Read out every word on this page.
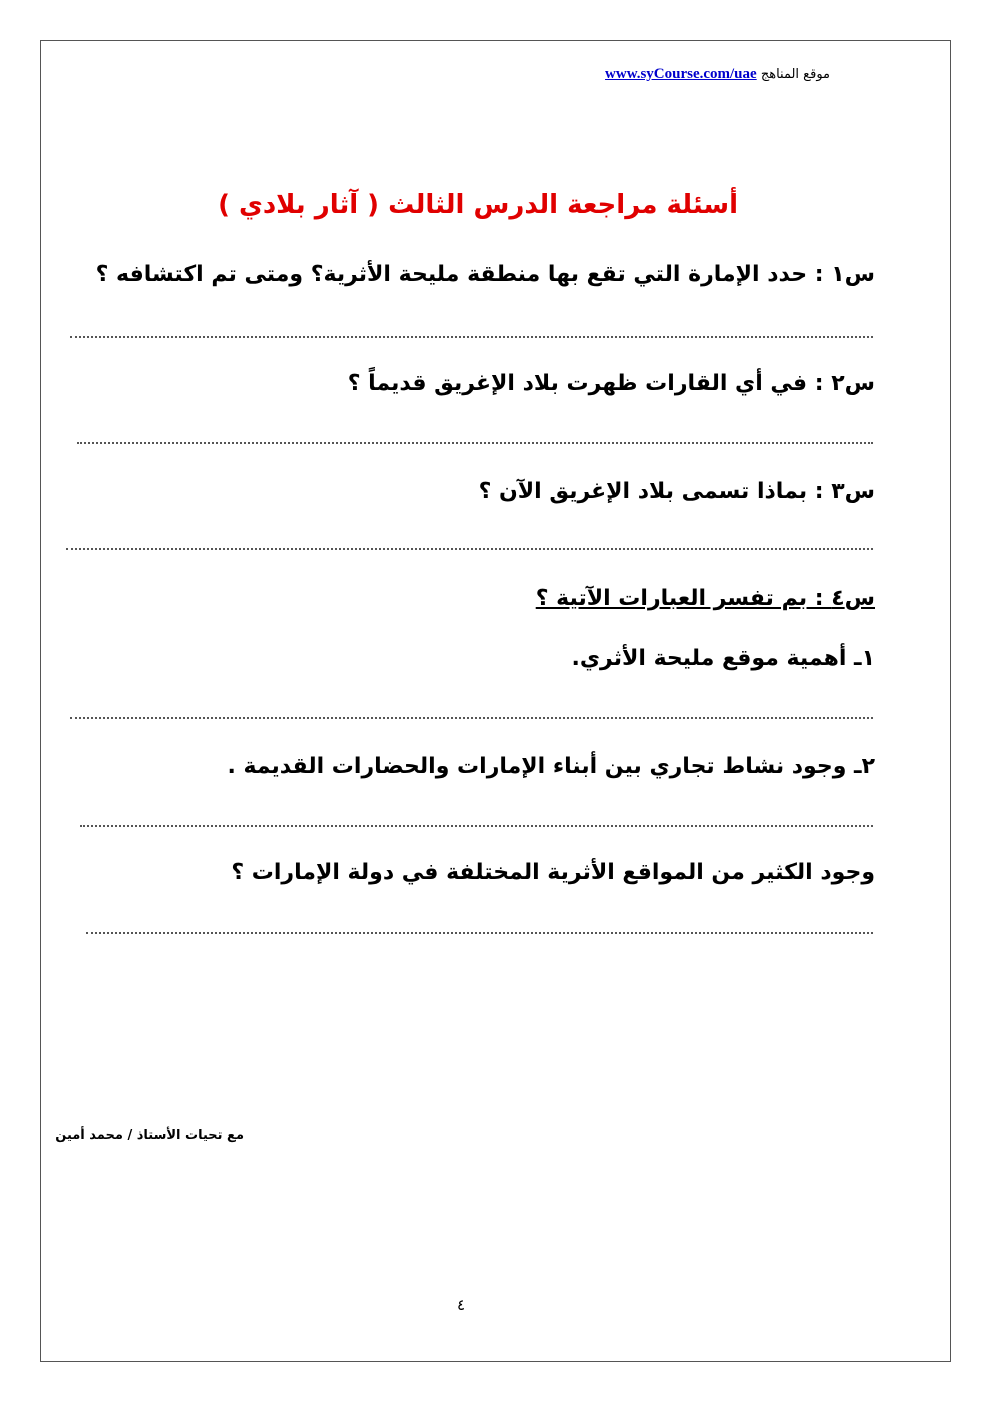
موقع المناهج www.syCourse.com/uae
أسئلة مراجعة الدرس الثالث ( آثار بلادي )
س١ : حدد الإمارة التي تقع بها منطقة مليحة الأثرية؟ ومتى تم اكتشافه ؟
س٢ : في أي القارات ظهرت بلاد الإغريق قديماً ؟
س٣ : بماذا تسمى بلاد الإغريق الآن ؟
س٤ : بم تفسر العبارات الآتية ؟
١ـ أهمية موقع مليحة الأثري.
٢ـ وجود نشاط تجاري بين أبناء الإمارات والحضارات القديمة .
وجود الكثير من المواقع الأثرية المختلفة في دولة الإمارات ؟
مع تحيات الأستاذ / محمد أمين
٤
